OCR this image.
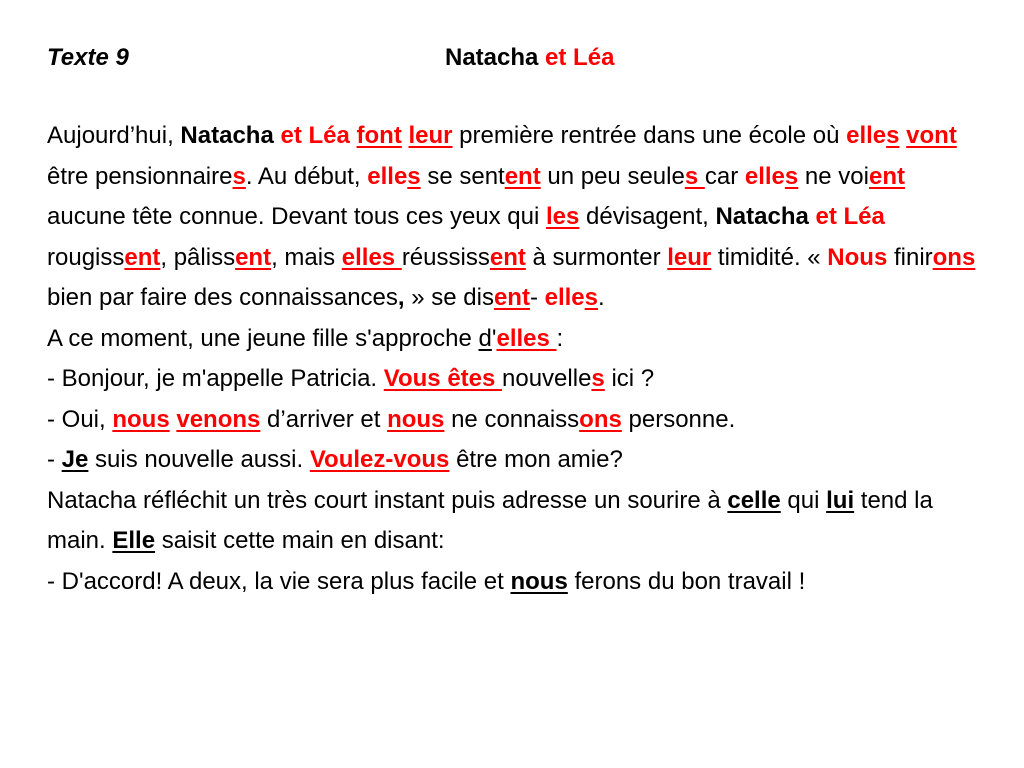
Texte 9	Natacha et Léa

Aujourd’hui, Natacha et Léa font leur première rentrée dans une école où elles vont être pensionnaires. Au début, elles se sentent un peu seules car elles ne voient aucune tête connue. Devant tous ces yeux qui les dévisagent, Natacha et Léa rougissent, pâlissent, mais elles réussissent à surmonter leur timidité. « Nous finirons bien par faire des connaissances, » se disent- elles.

A ce moment, une jeune fille s'approche d'elles :

- Bonjour, je m'appelle Patricia. Vous êtes nouvelles ici ?

- Oui, nous venons d’arriver et nous ne connaissons personne.

- Je suis nouvelle aussi. Voulez-vous être mon amie?

Natacha réfléchit un très court instant puis adresse un sourire à celle qui lui tend la main. Elle saisit cette main en disant:

- D'accord! A deux, la vie sera plus facile et nous ferons du bon travail !
